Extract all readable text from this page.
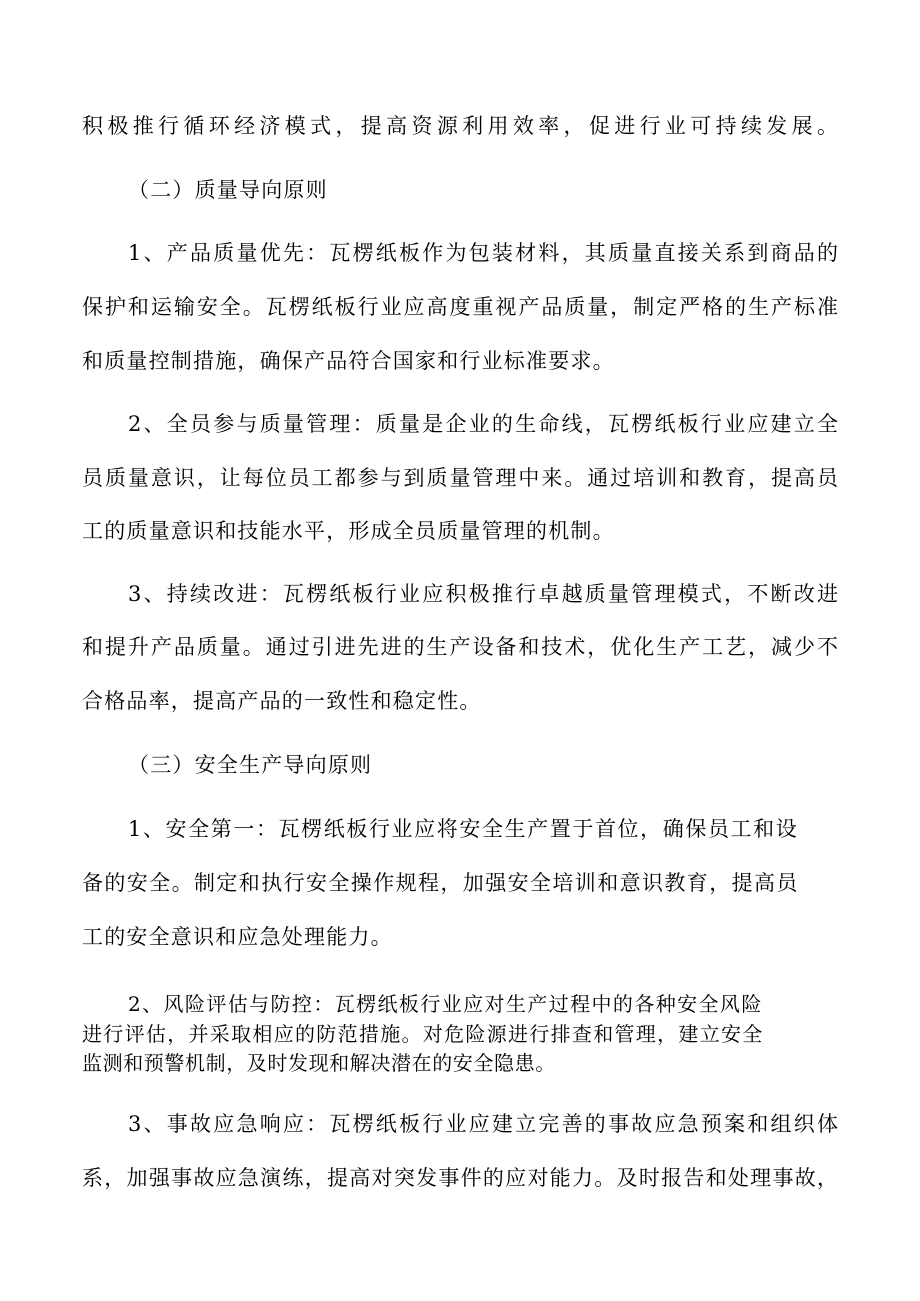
积极推行循环经济模式，提高资源利用效率，促进行业可持续发展。
（二）质量导向原则
1、产品质量优先：瓦楞纸板作为包装材料，其质量直接关系到商品的
保护和运输安全。瓦楞纸板行业应高度重视产品质量，制定严格的生产标准
和质量控制措施，确保产品符合国家和行业标准要求。
2、全员参与质量管理：质量是企业的生命线，瓦楞纸板行业应建立全
员质量意识，让每位员工都参与到质量管理中来。通过培训和教育，提高员
工的质量意识和技能水平，形成全员质量管理的机制。
3、持续改进：瓦楞纸板行业应积极推行卓越质量管理模式，不断改进
和提升产品质量。通过引进先进的生产设备和技术，优化生产工艺，减少不
合格品率，提高产品的一致性和稳定性。
（三）安全生产导向原则
1、安全第一：瓦楞纸板行业应将安全生产置于首位，确保员工和设
备的安全。制定和执行安全操作规程，加强安全培训和意识教育，提高员
工的安全意识和应急处理能力。
2、风险评估与防控：瓦楞纸板行业应对生产过程中的各种安全风险
进行评估，并采取相应的防范措施。对危险源进行排查和管理，建立安全
监测和预警机制，及时发现和解决潜在的安全隐患。
3、事故应急响应：瓦楞纸板行业应建立完善的事故应急预案和组织体
系，加强事故应急演练，提高对突发事件的应对能力。及时报告和处理事故，
